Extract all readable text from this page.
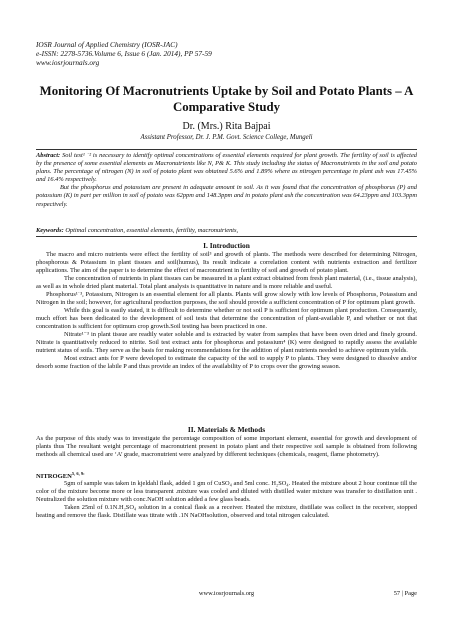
IOSR Journal of Applied Chemistry (IOSR-JAC)
e-ISSN: 2278-5736.Volume 6, Issue 6 (Jan. 2014), PP 57-59
www.iosrjournals.org
Monitoring Of Macronutrients Uptake by Soil and Potato Plants – A Comparative Study
Dr. (Mrs.) Rita Bajpai
Assistant Professor, Dr. J. P.M. Govt. Science College, Mungeli

Abstract: Soil test¹ ˙² is necessary to identify optimal concentrations of essential elements required for plant growth. The fertility of soil is affected by the presence of some essential elements as Macronutrients like N, P& K. This study including the status of Macronutrients in the soil and potato plans. The percentage of nitrogen (N) in soil of potato plant was obtained 5.6% and 1.89% where as nitrogen percentage in plant ash was 17.45% and 16.4% respectively.

But the phosphorus and potassium are present in adequate amount in soil. As it was found that the concentration of phosphorus (P) and potassium (K) in part per million in soil of potato was 62ppm and 148.3ppm and in potato plant ash the concentration was 64.23ppm and 103.3ppm respectively.

Keywords: Optimal concentration, essential elements, fertility, macronutrients,
I. Introduction

The macro and micro nutrients were effect the fertility of soil³ and growth of plants. The methods were described for determining Nitrogen, phosphorous & Potassium in plant tissues and soil(humus), Its result indicate a correlation content with nutrients extraction and fertilizer applications. The aim of the paper is to determine the effect of macronutrient in fertility of soil and growth of potato plant.

The concentration of nutrients in plant tissues can be measured in a plant extract obtained from fresh plant material, (i.e., tissue analysis), as well as in whole dried plant material. Total plant analysis is quantitative in nature and is more reliable and useful.

Phosphorus¹˙³, Potassium, Nitrogen is an essential element for all plants. Plants will grow slowly with low levels of Phosphorus, Potassium and Nitrogen in the soil; however, for agricultural production purposes, the soil should provide a sufficient concentration of P for optimum plant growth.

While this goal is easily stated, it is difficult to determine whether or not soil P is sufficient for optimum plant production. Consequently, much effort has been dedicated to the development of soil tests that determine the concentration of plant-available P, and whether or not that concentration is sufficient for optimum crop growth.Soil testing has been practiced in one.

Nitrate¹⁻³ in plant tissue are readily water soluble and is extracted by water from samples that have been oven dried and finely ground. Nitrate is quantitatively reduced to nitrite. Soil test extract ants for phosphorus and potassium⁴ (K) were designed to rapidly assess the available nutrient status of soils. They serve as the basis for making recommendations for the addition of plant nutrients needed to achieve optimum yields.

Most extract ants for P were developed to estimate the capacity of the soil to supply P to plants. They were designed to dissolve and/or desorb some fraction of the labile P and thus provide an index of the availability of P to crops over the growing season.

II. Materials & Methods

As the purpose of this study was to investigate the percentage composition of some important element, essential for growth and development of plants thus The resultant weight percentage of macronutrient present in potato plant and their respective soil sample is obtained from following methods all chemical used are ‘A’ grade, macronutrient were analyzed by different techniques (chemicals, reagent, flame photometry).

$NITROGEN^{5, 6, 9:}$

5gm of sample was taken in kjeldahl flask, added 1 gm of CuSO₄ and 5ml conc. H₂SO₄. Heated the mixture about 2 hour continue till the color of the mixture become more or less transparent .mixture was cooled and diluted with distilled water mixture was transfer to distillation unit . Neutralized the solution mixture with conc.NaOH solution added a few glass beads.

Taken 25ml of 0.1N.H₂SO₄ solution in a conical flask as a receiver. Heated the mixture, distillate was collect in the receiver, stopped heating and remove the flask. Distillate was titrate with .1N NaOHsolution, observed and total nitrogen calculated.

www.iosrjournals.org	57 | Page
